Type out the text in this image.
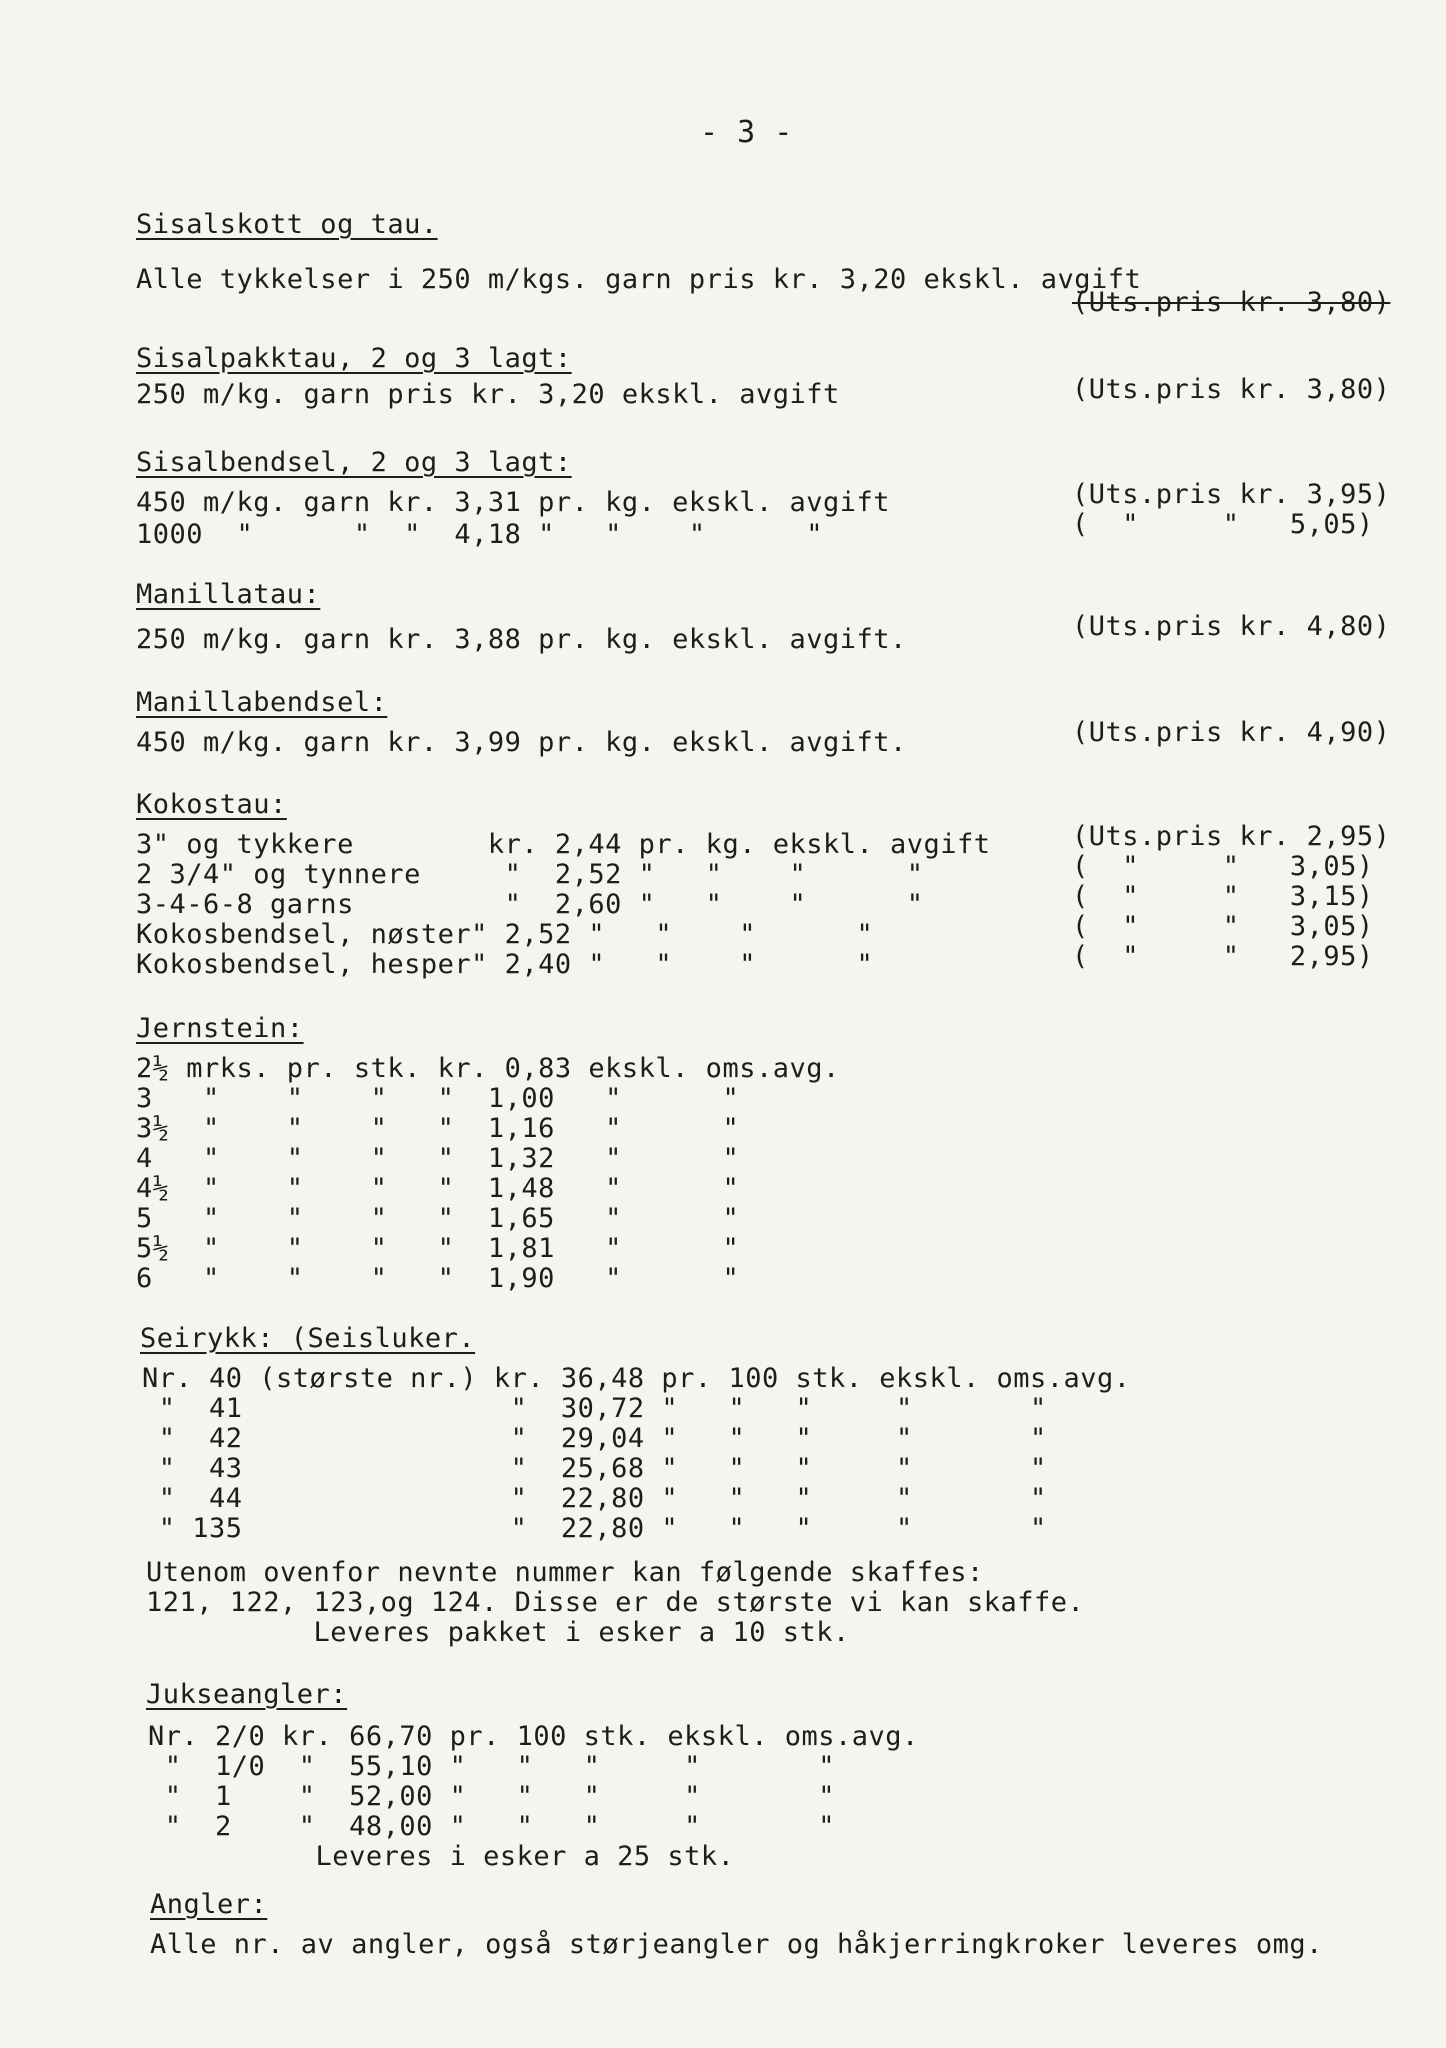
- 3 -
Sisalskott og tau.
Alle tykkelser i 250 m/kgs. garn pris kr. 3,20 ekskl. avgift
(Uts.pris kr. 3,80)
Sisalpakktau, 2 og 3 lagt:
250 m/kg. garn pris kr. 3,20 ekskl. avgift	(Uts.pris kr. 3,80)
Sisalbendsel, 2 og 3 lagt:
450 m/kg. garn kr. 3,31 pr. kg. ekskl. avgift	(Uts.pris kr. 3,95)
1000  "      "  "  4,18 "   "    "      "	(  "     "   5,05)
Manillatau:
250 m/kg. garn kr. 3,88 pr. kg. ekskl. avgift.	(Uts.pris kr. 4,80)
Manillabendsel:
450 m/kg. garn kr. 3,99 pr. kg. ekskl. avgift.	(Uts.pris kr. 4,90)
Kokostau:
3" og tykkere        kr. 2,44 pr. kg. ekskl. avgift	(Uts.pris kr. 2,95)
2 3/4" og tynnere     "  2,52 "   "    "      "	(  "     "   3,05)
3-4-6-8 garns         "  2,60 "   "    "      "	(  "     "   3,15)
Kokosbendsel, nøster" 2,52 "   "    "      "	(  "     "   3,05)
Kokosbendsel, hesper" 2,40 "   "    "      "	(  "     "   2,95)
Jernstein:
2½ mrks. pr. stk. kr. 0,83 ekskl. oms.avg.
3   "    "    "   "  1,00   "      "
3½  "    "    "   "  1,16   "      "
4   "    "    "   "  1,32   "      "
4½  "    "    "   "  1,48   "      "
5   "    "    "   "  1,65   "      "
5½  "    "    "   "  1,81   "      "
6   "    "    "   "  1,90   "      "
Seirykk: (Seisluker.
Nr. 40 (største nr.) kr. 36,48 pr. 100 stk. ekskl. oms.avg.
"  41                "  30,72 "   "   "     "       "
"  42                "  29,04 "   "   "     "       "
"  43                "  25,68 "   "   "     "       "
"  44                "  22,80 "   "   "     "       "
" 135                "  22,80 "   "   "     "       "
Utenom ovenfor nevnte nummer kan følgende skaffes:
121, 122, 123,og 124. Disse er de største vi kan skaffe.
Leveres pakket i esker a 10 stk.
Jukseangler:
Nr. 2/0 kr. 66,70 pr. 100 stk. ekskl. oms.avg.
"  1/0  "  55,10 "   "   "     "       "
"  1    "  52,00 "   "   "     "       "
"  2    "  48,00 "   "   "     "       "
Leveres i esker a 25 stk.
Angler:
Alle nr. av angler, også størjeangler og håkjerringkroker leveres omg.
